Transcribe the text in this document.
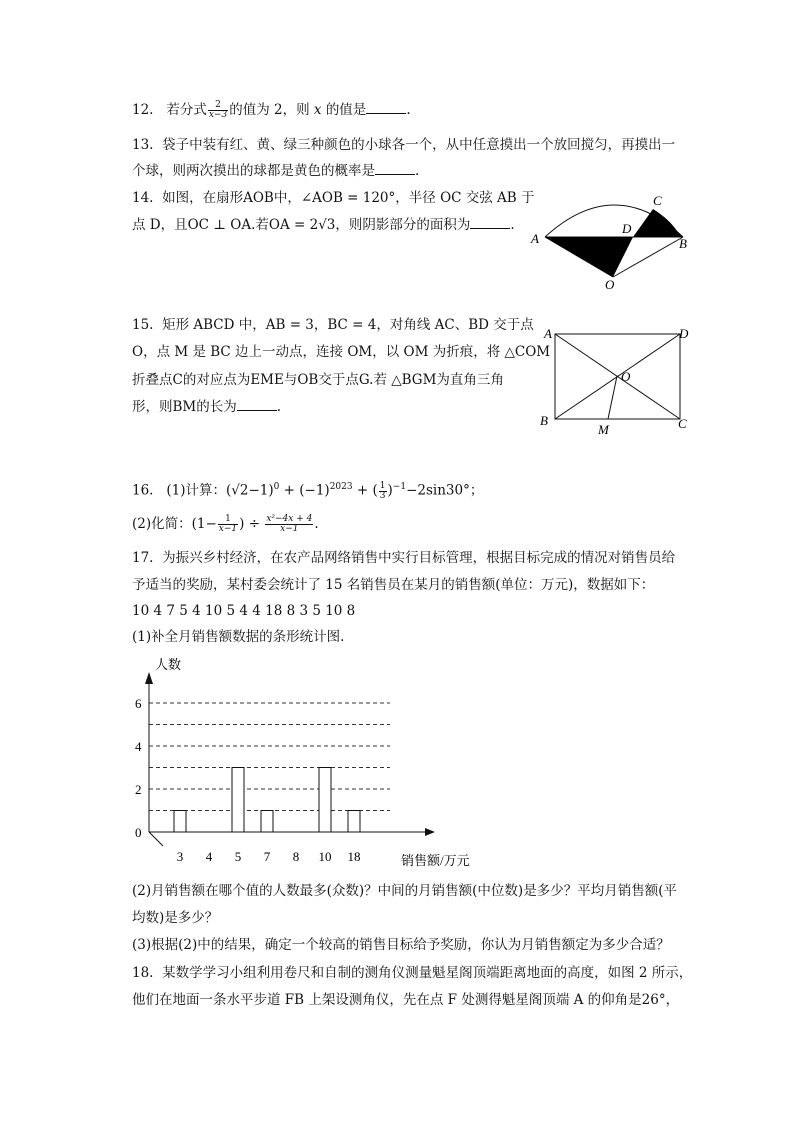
12. 若分式 $\frac{2}{x-3}$ 的值为 2，则 x 的值是	.
13. 袋子中装有红、黄、绿三种颜色的小球各一个，从中任意摸出一个放回搅匀，再摸出一
个球，则两次摸出的球都是黄色的概率是	.
14. 如图，在扇形AOB中，∠AOB = 120°，半径 OC 交弦 AB 于
点 D，且OC ⊥ OA.若OA = 2√3，则阴影部分的面积为	.
A	B
C
D
O
15. 矩形 ABCD 中，AB = 3，BC = 4，对角线 AC、BD 交于点
O，点 M 是 BC 边上一动点，连接 OM，以 OM 为折痕，将 △COM
折叠点C的对应点为EME与OB交于点G.若 △BGM为直角三角
形，则BM的长为	.
A	D
B	C
O
M
16. (1)计算：$(√2-1)^0 + (-1)^{2023}$ + ( $\frac{1}{3} )^{-1}-2\sin 30^\circ$；
(2)化简：($1- \frac{1}{x-1}$ ) ÷ $\frac{\text{x²−4x + 4}}{x-1}$ .
17. 为振兴乡村经济，在农产品网络销售中实行目标管理，根据目标完成的情况对销售员给
予适当的奖励，某村委会统计了 15 名销售员在某月的销售额(单位：万元)，数据如下：
10 4 7 5 4 10 5 4 4 18 8 3 5 10 8
(1)补全月销售额数据的条形统计图.
0
2
4
6
人数
3 4 5 7 8 10 18	销售额/万元
(2)月销售额在哪个值的人数最多(众数)？中间的月销售额(中位数)是多少？平均月销售额(平
均数)是多少？
(3)根据(2)中的结果，确定一个较高的销售目标给予奖励，你认为月销售额定为多少合适？
18. 某数学学习小组利用卷尺和自制的测角仪测量魁星阁顶端距离地面的高度，如图 2 所示，
他们在地面一条水平步道 FB 上架设测角仪，先在点 F 处测得魁星阁顶端 A 的仰角是26°，
